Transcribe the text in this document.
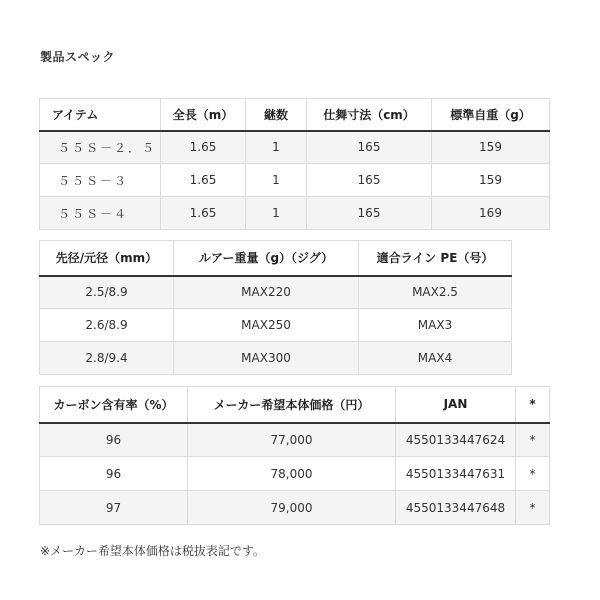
製品スペック
アイテム	全長（m）	継数	仕舞寸法（cm）	標準自重（g）
５５Ｓ－２．５	1.65	1	165	159
５５Ｓ－３	1.65	1	165	159
５５Ｓ－４	1.65	1	165	169
先径/元径（mm）	ルアー重量（g）（ジグ）	適合ライン PE（号）
2.5/8.9	MAX220	MAX2.5
2.6/8.9	MAX250	MAX3
2.8/9.4	MAX300	MAX4
カーボン含有率（%）	メーカー希望本体価格（円）	JAN	*
96	77,000	4550133447624	*
96	78,000	4550133447631	*
97	79,000	4550133447648	*
※メーカー希望本体価格は税抜表記です。
